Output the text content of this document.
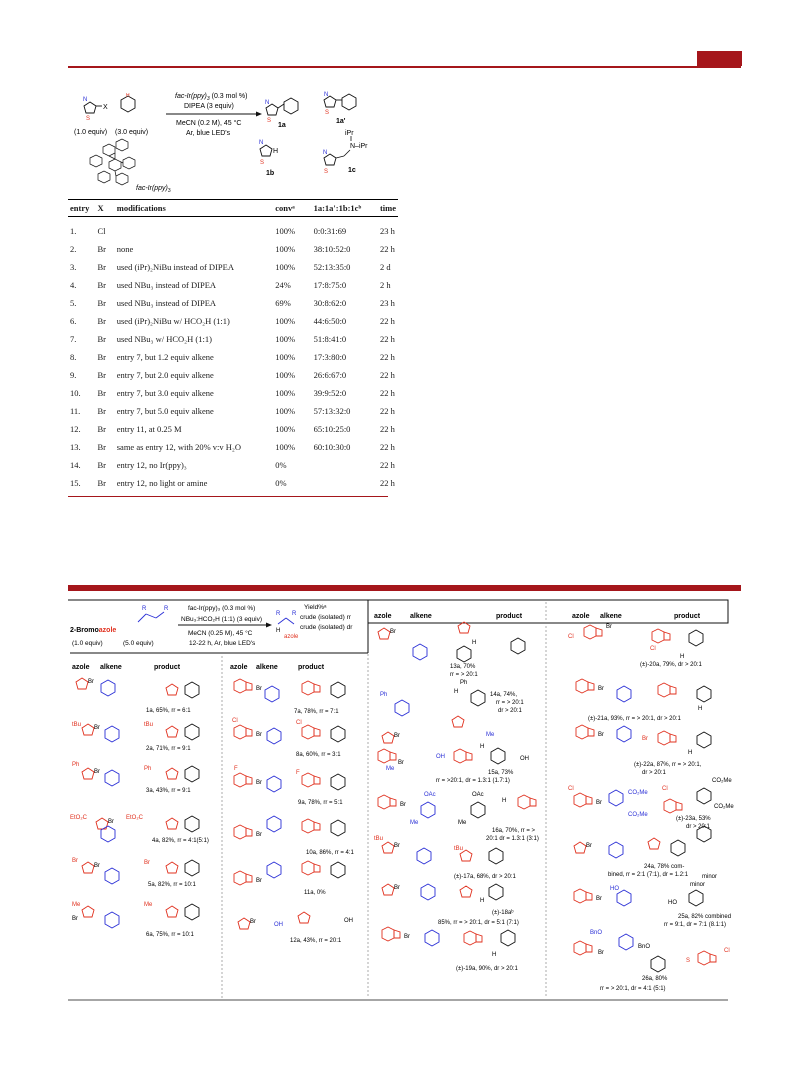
N
S
X
H
(1.0 equiv) (3.0 equiv)
fac-$Ir(ppy)_3$ (0.3 mol %)
DIPEA (3 equiv)
MeCN (0.2 M), 45 °C
Ar, blue LED's
fac-$Ir(ppy)_3$
N
S
1a
N
S
1a'
N
S
H
1b
iPr
N–iPr
N
S	1c
entry	X	modifications	convᵃ	1a:1a':1b:1cᵇ	time
1.	Cl		100%	0:0:31:69	23 h
2.	Br	none	100%	38:10:52:0	22 h
3.	Br	used (iPr)₂NiBu instead of DIPEA	100%	52:13:35:0	2 d
4.	Br	used NBu₃ instead of DIPEA	24%	17:8:75:0	2 h
5.	Br	used NBu₃ instead of DIPEA	69%	30:8:62:0	23 h
6.	Br	used (iPr)₂NiBu w/ HCO₂H (1:1)	100%	44:6:50:0	22 h
7.	Br	used NBu₃ w/ HCO₂H (1:1)	100%	51:8:41:0	22 h
8.	Br	entry 7, but 1.2 equiv alkene	100%	17:3:80:0	22 h
9.	Br	entry 7, but 2.0 equiv alkene	100%	26:6:67:0	22 h
10.	Br	entry 7, but 3.0 equiv alkene	100%	39:9:52:0	22 h
11.	Br	entry 7, but 5.0 equiv alkene	100%	57:13:32:0	22 h
12.	Br	entry 11, at 0.25 M	100%	65:10:25:0	22 h
13.	Br	same as entry 12, with 20% v:v H₂O	100%	60:10:30:0	22 h
14.	Br	entry 12, no Ir(ppy)₃	0%		22 h
15.	Br	entry 12, no light or amine	0%		22 h
2-Bromoazole
R	R
(1.0 equiv)	(5.0 equiv)
fac-Ir(ppy)₃ (0.3 mol %)
NBu₃:HCO₂H (1:1) (3 equiv)
MeCN (0.25 M), 45 °C
12-22 h, Ar, blue LED's
Yield%ᵃ
crude (isolated) rr
crude (isolated) dr
R R
H
azole
azole alkene	product	azole alkene	product
azole	alkene	product	azole alkene	product
Br
1a, 65%, rr = 6:1
tBu Br	tBu
2a, 71%, rr = 9:1
Ph
Br	Ph
3a, 43%, rr = 9:1
EtO₂C
Br
EtO₂C
4a, 82%, rr = 4:1(5:1)
Br
Br	Br
5a, 82%, rr = 10:1
Me
Br
Me
6a, 75%, rr = 10:1
Br
7a, 78%, rr = 7:1
Cl
Br
Cl
8a, 60%, rr = 3:1
F
Br
F
9a, 78%, rr = 5:1
Br
10a, 86%, rr = 4:1
Br
11a, 0%
Br	OH
OH
12a, 43%, rr = 20:1
Br
H
13a, 70%
rr = > 20:1
Ph
Br
Ph
H	14a, 74%,
rr = > 20:1
dr > 20:1
Br
Me
OH
Me
H
OH
15a, 73%
rr = >20:1, dr = 1.3:1 (1.7:1)
Br
OAc
Me
OAc
Me
H
16a, 70%, rr = >
20:1 dr = 1.3:1 (3:1)
tBu
Br	tBu
(±)-17a, 68%, dr > 20:1
Br
H
(±)-18aᵇ
85%, rr = > 20:1, dr = 5:1 (7:1)
Br
H
(±)-19a, 90%, dr > 20:1
Br
Cl
Cl
H
(±)-20a, 79%, dr > 20:1
Br
H
(±)-21a, 93%, rr = > 20:1, dr > 20:1
Br
Br
H
(±)-22a, 87%, rr = > 20:1,
dr > 20:1
Cl
Br
CO₂Me
CO₂Me
Cl
CO₂Me
CO₂Me
(±)-23a, 53%
dr > 20:1
Br
24a, 78% com-
bined, rr = 2:1 (7:1), dr = 1.2:1 minor
HO
Br
minor
HO
25a, 82% combined
rr = 9:1, dr = 7:1 (8.1:1)
BnO
Br
BnO
26a, 80%
rr = > 20:1, dr = 4:1 (5:1)
S
Cl
